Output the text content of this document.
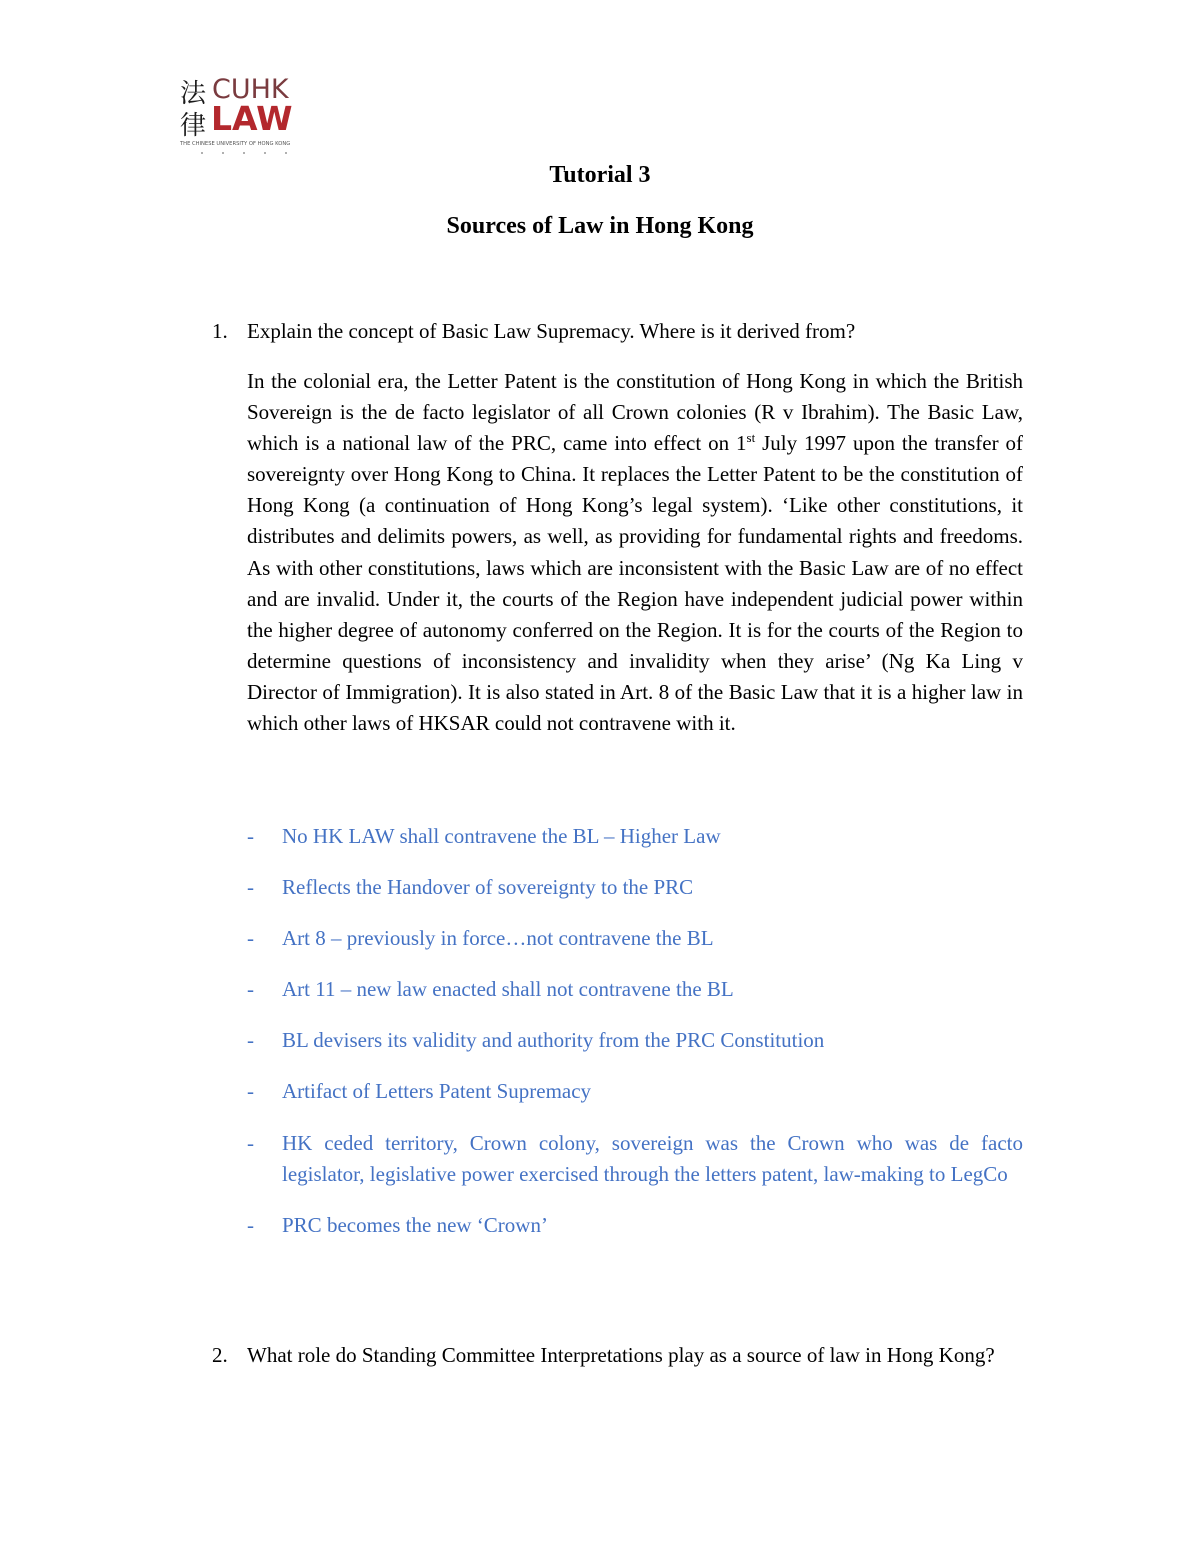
法
律
CUHK
LAW
THE CHINESE UNIVERSITY OF HONG KONG
Tutorial 3
Sources of Law in Hong Kong
1. Explain the concept of Basic Law Supremacy. Where is it derived from?

In the colonial era, the Letter Patent is the constitution of Hong Kong in which the British Sovereign is the de facto legislator of all Crown colonies (R v Ibrahim). The Basic Law, which is a national law of the PRC, came into effect on 1st July 1997 upon the transfer of sovereignty over Hong Kong to China. It replaces the Letter Patent to be the constitution of Hong Kong (a continuation of Hong Kong’s legal system). ‘Like other constitutions, it distributes and delimits powers, as well, as providing for fundamental rights and freedoms. As with other constitutions, laws which are inconsistent with the Basic Law are of no effect and are invalid. Under it, the courts of the Region have independent judicial power within the higher degree of autonomy conferred on the Region. It is for the courts of the Region to determine questions of inconsistency and invalidity when they arise’ (Ng Ka Ling v Director of Immigration). It is also stated in Art. 8 of the Basic Law that it is a higher law in which other laws of HKSAR could not contravene with it.

- No HK LAW shall contravene the BL – Higher Law
- Reflects the Handover of sovereignty to the PRC
- Art 8 – previously in force…not contravene the BL
- Art 11 – new law enacted shall not contravene the BL
- BL devisers its validity and authority from the PRC Constitution
- Artifact of Letters Patent Supremacy
- HK ceded territory, Crown colony, sovereign was the Crown who was de facto legislator, legislative power exercised through the letters patent, law-making to LegCo
- PRC becomes the new ‘Crown’
2. What role do Standing Committee Interpretations play as a source of law in Hong Kong?
